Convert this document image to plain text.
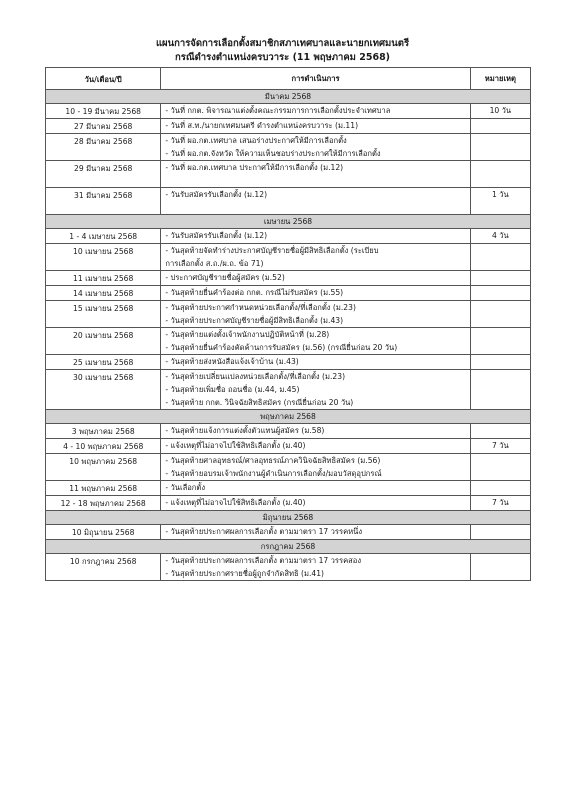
แผนการจัดการเลือกตั้งสมาชิกสภาเทศบาลและนายกเทศมนตรี
กรณีดำรงตำแหน่งครบวาระ (11 พฤษภาคม 2568)
วัน/เดือน/ปี	การดำเนินการ	หมายเหตุ
มีนาคม 2568		
10 - 19 มีนาคม 2568	- วันที่ กกต. พิจารณาแต่งตั้งคณะกรรมการการเลือกตั้งประจำเทศบาล	10 วัน
27 มีนาคม 2568	- วันที่ ส.ท./นายกเทศมนตรี ดำรงตำแหน่งครบวาระ (ม.11)	

28 มีนาคม 2568	- วันที่ ผอ.กต.เทศบาล เสนอร่างประกาศให้มีการเลือกตั้ง
- วันที่ ผอ.กต.จังหวัด ให้ความเห็นชอบร่างประกาศให้มีการเลือกตั้ง	

29 มีนาคม 2568	- วันที่ ผอ.กต.เทศบาล ประกาศให้มีการเลือกตั้ง (ม.12)	

31 มีนาคม 2568	- วันรับสมัครรับเลือกตั้ง (ม.12)	1 วัน
เมษายน 2568		
1 - 4 เมษายน 2568	- วันรับสมัครรับเลือกตั้ง (ม.12)	4 วัน
10 เมษายน 2568	- วันสุดท้ายจัดทำร่างประกาศบัญชีรายชื่อผู้มีสิทธิเลือกตั้ง (ระเบียบ
การเลือกตั้ง ส.ถ./ผ.ถ. ข้อ 71)	

11 เมษายน 2568	- ประกาศบัญชีรายชื่อผู้สมัคร (ม.52)	

14 เมษายน 2568	- วันสุดท้ายยื่นคำร้องต่อ กกต. กรณีไม่รับสมัคร (ม.55)	

15 เมษายน 2568	- วันสุดท้ายประกาศกำหนดหน่วยเลือกตั้ง/ที่เลือกตั้ง (ม.23)
- วันสุดท้ายประกาศบัญชีรายชื่อผู้มีสิทธิเลือกตั้ง (ม.43)	

20 เมษายน 2568	- วันสุดท้ายแต่งตั้งเจ้าพนักงานปฏิบัติหน้าที่ (ม.28)
- วันสุดท้ายยื่นคำร้องคัดค้านการรับสมัคร (ม.56) (กรณียื่นก่อน 20 วัน)	

25 เมษายน 2568	- วันสุดท้ายส่งหนังสือแจ้งเจ้าบ้าน (ม.43)	

30 เมษายน 2568	- วันสุดท้ายเปลี่ยนแปลงหน่วยเลือกตั้ง/ที่เลือกตั้ง (ม.23)
- วันสุดท้ายเพิ่มชื่อ ถอนชื่อ (ม.44, ม.45)
- วันสุดท้าย กกต. วินิจฉัยสิทธิสมัคร (กรณียื่นก่อน 20 วัน)	

พฤษภาคม 2568		
3 พฤษภาคม 2568	- วันสุดท้ายแจ้งการแต่งตั้งตัวแทนผู้สมัคร (ม.58)	

4 - 10 พฤษภาคม 2568	- แจ้งเหตุที่ไม่อาจไปใช้สิทธิเลือกตั้ง (ม.40)	7 วัน
10 พฤษภาคม 2568	- วันสุดท้ายศาลอุทธรณ์/ศาลอุทธรณ์ภาควินิจฉัยสิทธิสมัคร (ม.56)
- วันสุดท้ายอบรมเจ้าพนักงานผู้ดำเนินการเลือกตั้ง/มอบวัสดุอุปกรณ์	

11 พฤษภาคม 2568	- วันเลือกตั้ง	

12 - 18 พฤษภาคม 2568	- แจ้งเหตุที่ไม่อาจไปใช้สิทธิเลือกตั้ง (ม.40)	7 วัน
มิถุนายน 2568		
10 มิถุนายน 2568	- วันสุดท้ายประกาศผลการเลือกตั้ง ตามมาตรา 17 วรรคหนึ่ง	

กรกฎาคม 2568		
10 กรกฎาคม 2568	- วันสุดท้ายประกาศผลการเลือกตั้ง ตามมาตรา 17 วรรคสอง
- วันสุดท้ายประกาศรายชื่อผู้ถูกจำกัดสิทธิ (ม.41)	
